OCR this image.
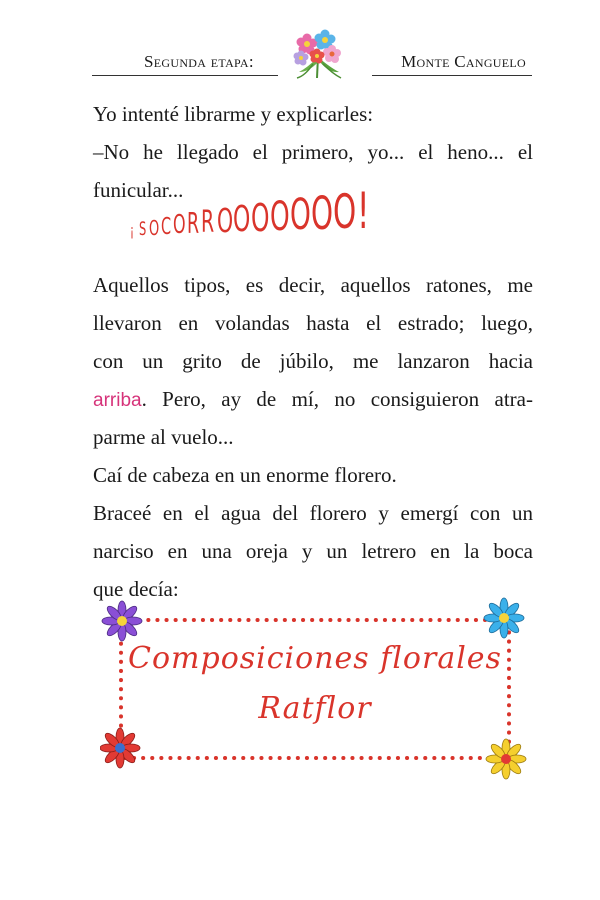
Segunda etapa:	Monte Canguelo
Yo intenté librarme y explicarles:
–No he llegado el primero, yo... el heno... el
funicular...
¡ S O C O R R O O O O O O O !
Aquellos tipos, es decir, aquellos ratones, me
llevaron en volandas hasta el estrado; luego,
con un grito de júbilo, me lanzaron hacia
arriba. Pero, ay de mí, no consiguieron atra-
parme al vuelo...
Caí de cabeza en un enorme florero.
Braceé en el agua del florero y emergí con un
narciso en una oreja y un letrero en la boca
que decía:
Composiciones florales
Ratflor
